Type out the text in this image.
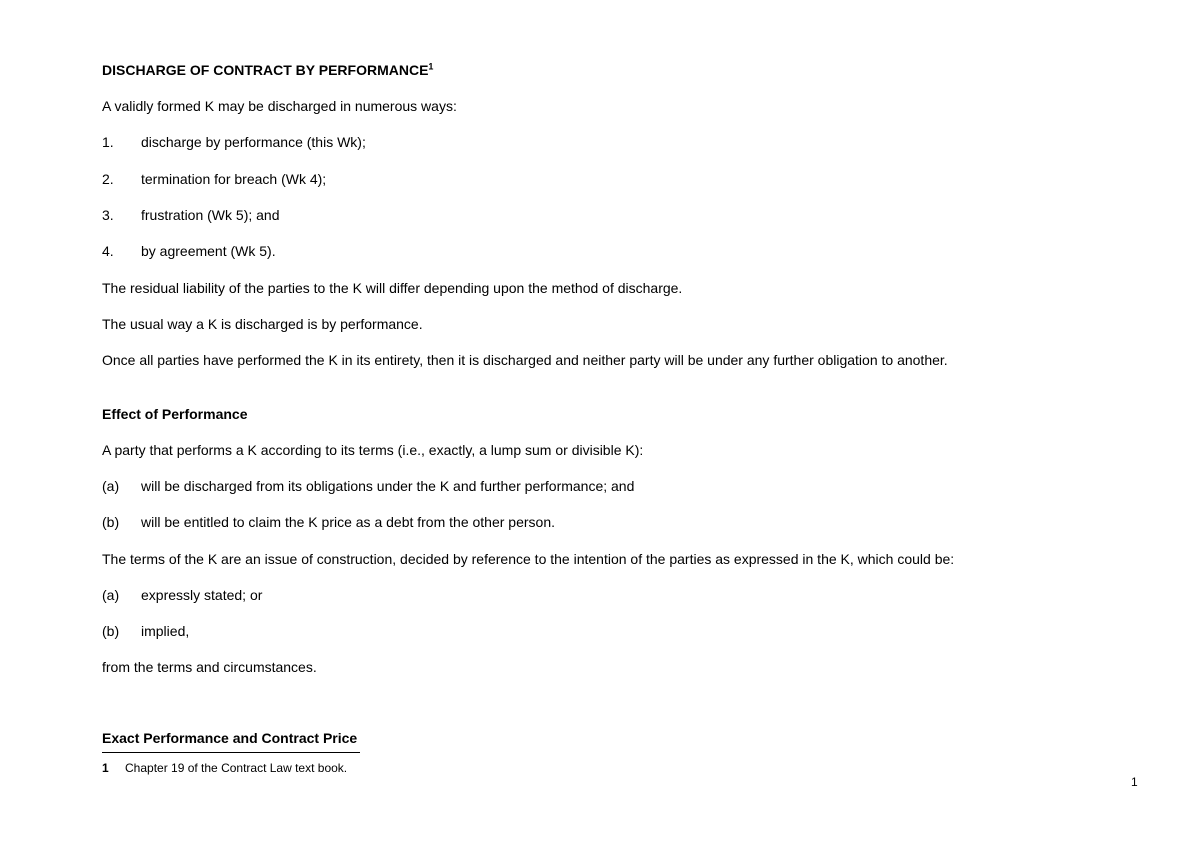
DISCHARGE OF CONTRACT BY PERFORMANCE$^1$
A validly formed K may be discharged in numerous ways:
1. discharge by performance (this Wk);
2. termination for breach (Wk 4);
3. frustration (Wk 5); and
4. by agreement (Wk 5).
The residual liability of the parties to the K will differ depending upon the method of discharge.
The usual way a K is discharged is by performance.
Once all parties have performed the K in its entirety, then it is discharged and neither party will be under any further obligation to another.
Effect of Performance
A party that performs a K according to its terms (i.e., exactly, a lump sum or divisible K):
(a) will be discharged from its obligations under the K and further performance; and
(b) will be entitled to claim the K price as a debt from the other person.
The terms of the K are an issue of construction, decided by reference to the intention of the parties as expressed in the K, which could be:
(a) expressly stated; or
(b) implied,
from the terms and circumstances.
Exact Performance and Contract Price
1 Chapter 19 of the Contract Law text book.
1
